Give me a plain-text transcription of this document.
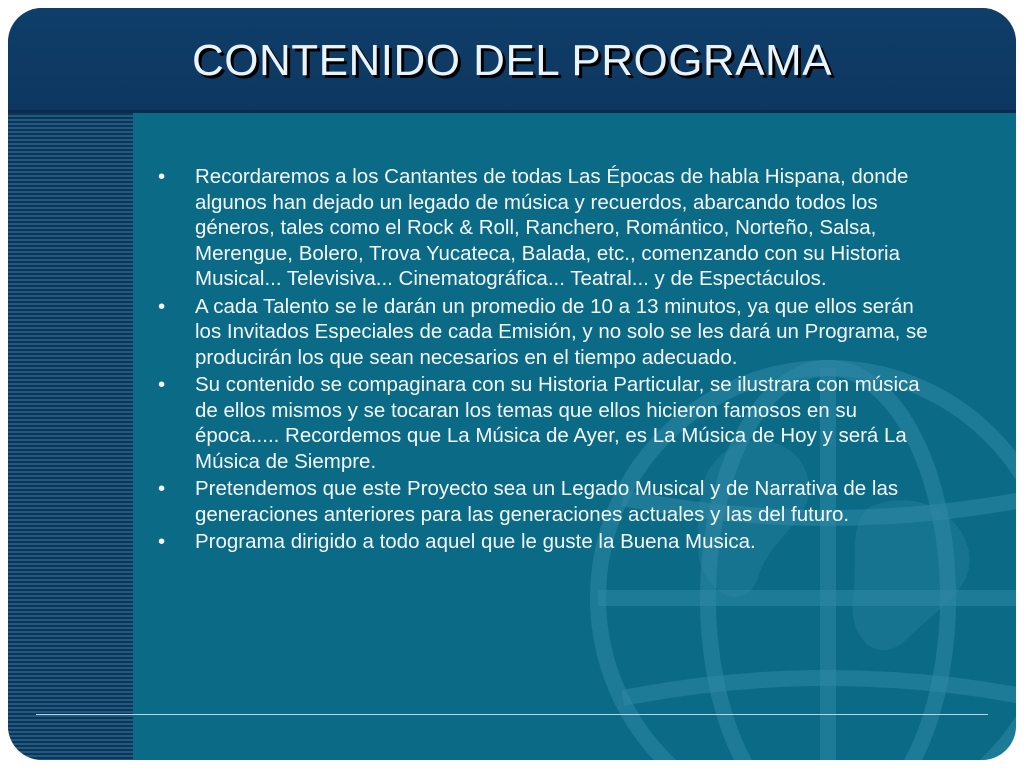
CONTENIDO DEL PROGRAMA
•	Recordaremos a los Cantantes de todas Las Épocas de habla Hispana, donde algunos han dejado un legado de música y recuerdos, abarcando todos los géneros, tales como el Rock & Roll, Ranchero, Romántico, Norteño, Salsa, Merengue, Bolero, Trova Yucateca, Balada, etc., comenzando con su Historia Musical... Televisiva... Cinematográfica... Teatral... y de Espectáculos.
•	A cada Talento se le darán un promedio de 10 a 13 minutos, ya que ellos serán los Invitados Especiales de cada Emisión, y no solo se les dará un Programa, se producirán los que sean necesarios en el tiempo adecuado.
•	Su contenido se compaginara con su Historia Particular, se ilustrara con música de ellos mismos y se tocaran los temas que ellos hicieron famosos en su época..... Recordemos que La Música de Ayer, es La Música de Hoy y será La Música de Siempre.
•	Pretendemos que este Proyecto sea un Legado Musical y de Narrativa de las generaciones anteriores para las generaciones actuales y las del futuro.
•	Programa dirigido a todo aquel que le guste la Buena Musica.
